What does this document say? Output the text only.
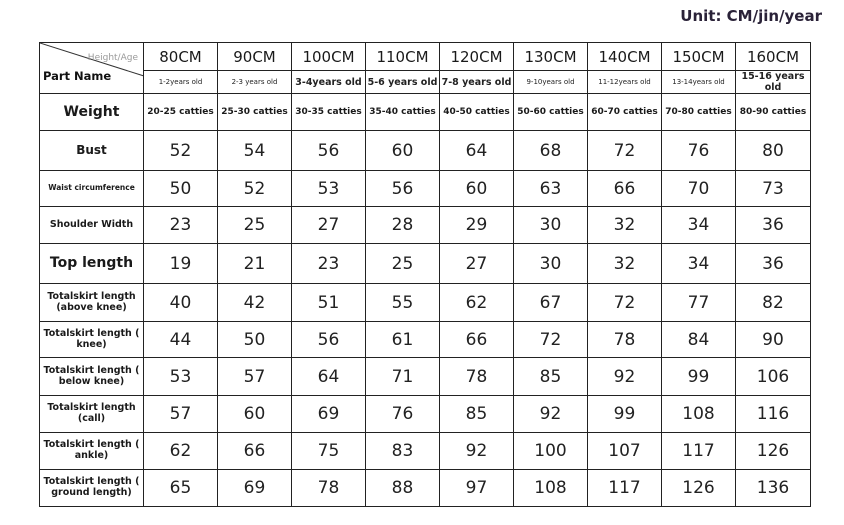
Unit: CM/jin/year
Height/Age
Part Name	80CM	90CM	100CM	110CM	120CM	130CM	140CM	150CM	160CM
	1-2years old	2-3 years old	3-4years old	5-6 years old	7-8 years old	9-10years old	11-12years old	13-14years old	15-16 years old
Weight	20-25 catties	25-30 catties	30-35 catties	35-40 catties	40-50 catties	50-60 catties	60-70 catties	70-80 catties	80-90 catties
Bust	52	54	56	60	64	68	72	76	80
Waist circumference	50	52	53	56	60	63	66	70	73
Shoulder Width	23	25	27	28	29	30	32	34	36
Top length	19	21	23	25	27	30	32	34	36
Totalskirt length (above knee)	40	42	51	55	62	67	72	77	82
Totalskirt length ( knee)	44	50	56	61	66	72	78	84	90
Totalskirt length ( below knee)	53	57	64	71	78	85	92	99	106
Totalskirt length (call)	57	60	69	76	85	92	99	108	116
Totalskirt length ( ankle)	62	66	75	83	92	100	107	117	126
Totalskirt length ( ground length)	65	69	78	88	97	108	117	126	136
